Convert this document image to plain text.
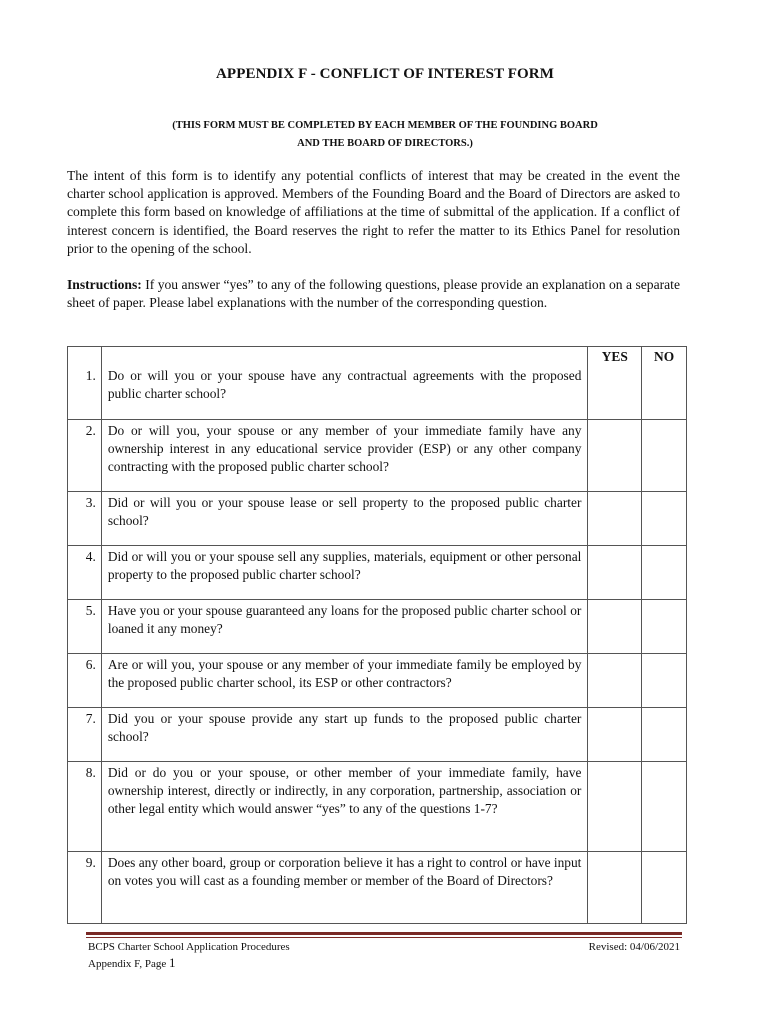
APPENDIX F - CONFLICT OF INTEREST FORM
(THIS FORM MUST BE COMPLETED BY EACH MEMBER OF THE FOUNDING BOARD
AND THE BOARD OF DIRECTORS.)
The intent of this form is to identify any potential conflicts of interest that may be created in the event the charter school application is approved. Members of the Founding Board and the Board of Directors are asked to complete this form based on knowledge of affiliations at the time of submittal of the application. If a conflict of interest concern is identified, the Board reserves the right to refer the matter to its Ethics Panel for resolution prior to the opening of the school.
Instructions: If you answer “yes” to any of the following questions, please provide an explanation on a separate sheet of paper. Please label explanations with the number of the corresponding question.

1.	Do or will you or your spouse have any contractual agreements with the proposed public charter school?	YES	NO

2.	Do or will you, your spouse or any member of your immediate family have any ownership interest in any educational service provider (ESP) or any other company contracting with the proposed public charter school?		

3.	Did or will you or your spouse lease or sell property to the proposed public charter school?		

4.	Did or will you or your spouse sell any supplies, materials, equipment or other personal property to the proposed public charter school?		

5.	Have you or your spouse guaranteed any loans for the proposed public charter school or loaned it any money?		

6.	Are or will you, your spouse or any member of your immediate family be employed by the proposed public charter school, its ESP or other contractors?		

7.	Did you or your spouse provide any start up funds to the proposed public charter school?		

8.	Did or do you or your spouse, or other member of your immediate family, have ownership interest, directly or indirectly, in any corporation, partnership, association or other legal entity which would answer “yes” to any of the questions 1-7?		

9.	Does any other board, group or corporation believe it has a right to control or have input on votes you will cast as a founding member or member of the Board of Directors?		

BCPS Charter School Application Procedures
Appendix F, Page 1
Revised: 04/06/2021
